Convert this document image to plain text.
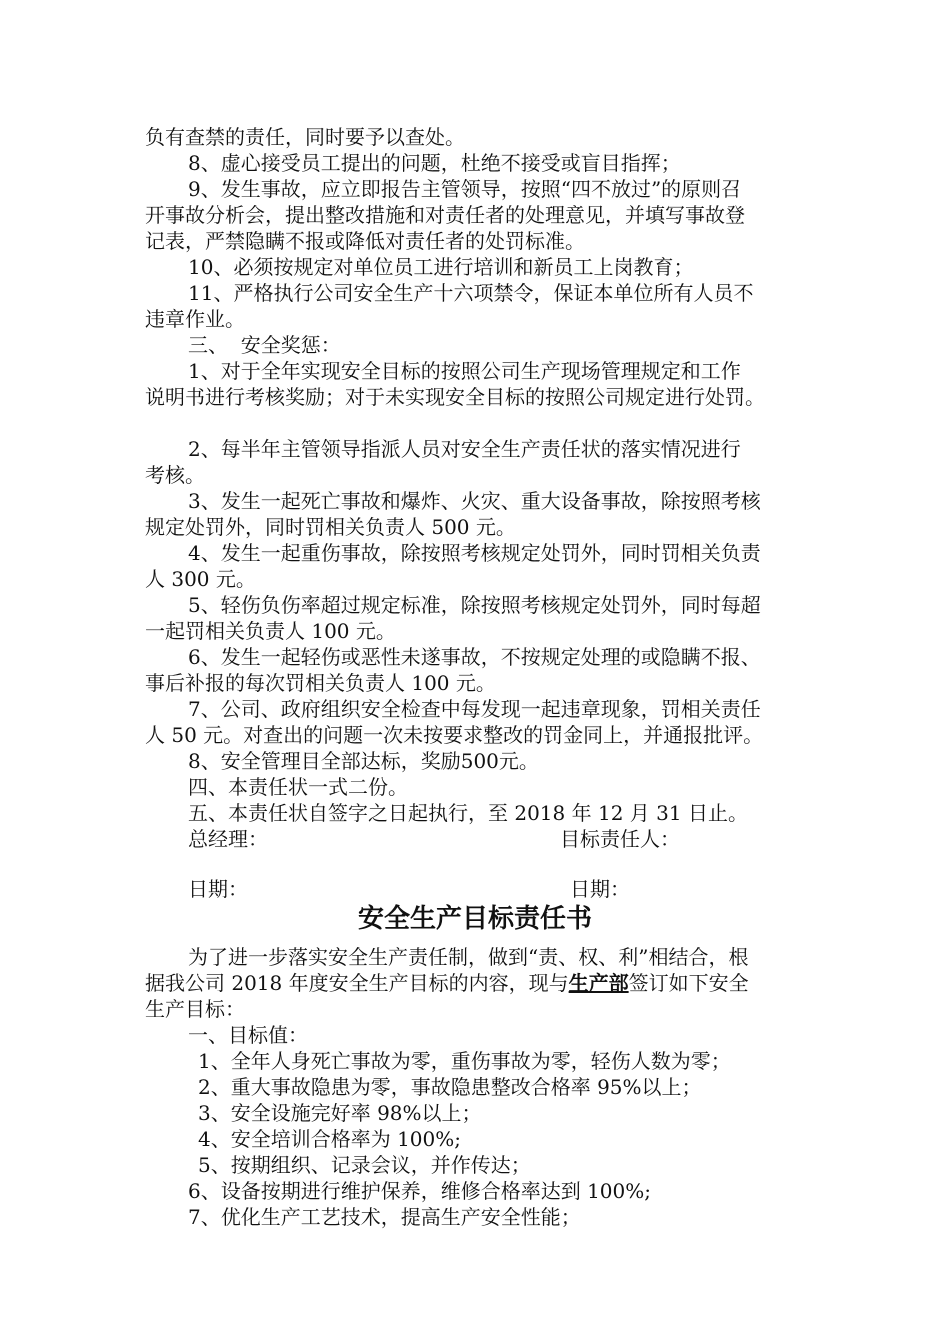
负有查禁的责任，同时要予以查处。
8、虚心接受员工提出的问题，杜绝不接受或盲目指挥；
9、发生事故，应立即报告主管领导，按照“四不放过”的原则召
开事故分析会，提出整改措施和对责任者的处理意见，并填写事故登
记表，严禁隐瞒不报或降低对责任者的处罚标准。
10、必须按规定对单位员工进行培训和新员工上岗教育；
11、严格执行公司安全生产十六项禁令，保证本单位所有人员不
违章作业。
三、  安全奖惩：
1、对于全年实现安全目标的按照公司生产现场管理规定和工作
说明书进行考核奖励；对于未实现安全目标的按照公司规定进行处罚。
2、每半年主管领导指派人员对安全生产责任状的落实情况进行
考核。
3、发生一起死亡事故和爆炸、火灾、重大设备事故，除按照考核
规定处罚外，同时罚相关负责人 500 元。
4、发生一起重伤事故，除按照考核规定处罚外，同时罚相关负责
人 300 元。
5、轻伤负伤率超过规定标准，除按照考核规定处罚外，同时每超
一起罚相关负责人 100 元。
6、发生一起轻伤或恶性未遂事故，不按规定处理的或隐瞒不报、
事后补报的每次罚相关负责人 100 元。
7、公司、政府组织安全检查中每发现一起违章现象，罚相关责任
人 50 元。对查出的问题一次未按要求整改的罚金同上，并通报批评。
8、安全管理目全部达标，奖励500元。
四、本责任状一式二份。
五、本责任状自签字之日起执行，至 2018 年 12 月 31 日止。
总经理：	目标责任人：
日期：	日期：
安全生产目标责任书
为了进一步落实安全生产责任制，做到“责、权、利”相结合，根
据我公司 2018 年度安全生产目标的内容，现与生产部签订如下安全
生产目标：
一、目标值：
1、全年人身死亡事故为零，重伤事故为零，轻伤人数为零；
2、重大事故隐患为零，事故隐患整改合格率 95%以上；
3、安全设施完好率 98%以上；
4、安全培训合格率为 100%;
5、按期组织、记录会议，并作传达；
6、设备按期进行维护保养，维修合格率达到 100%;
7、优化生产工艺技术，提高生产安全性能；
